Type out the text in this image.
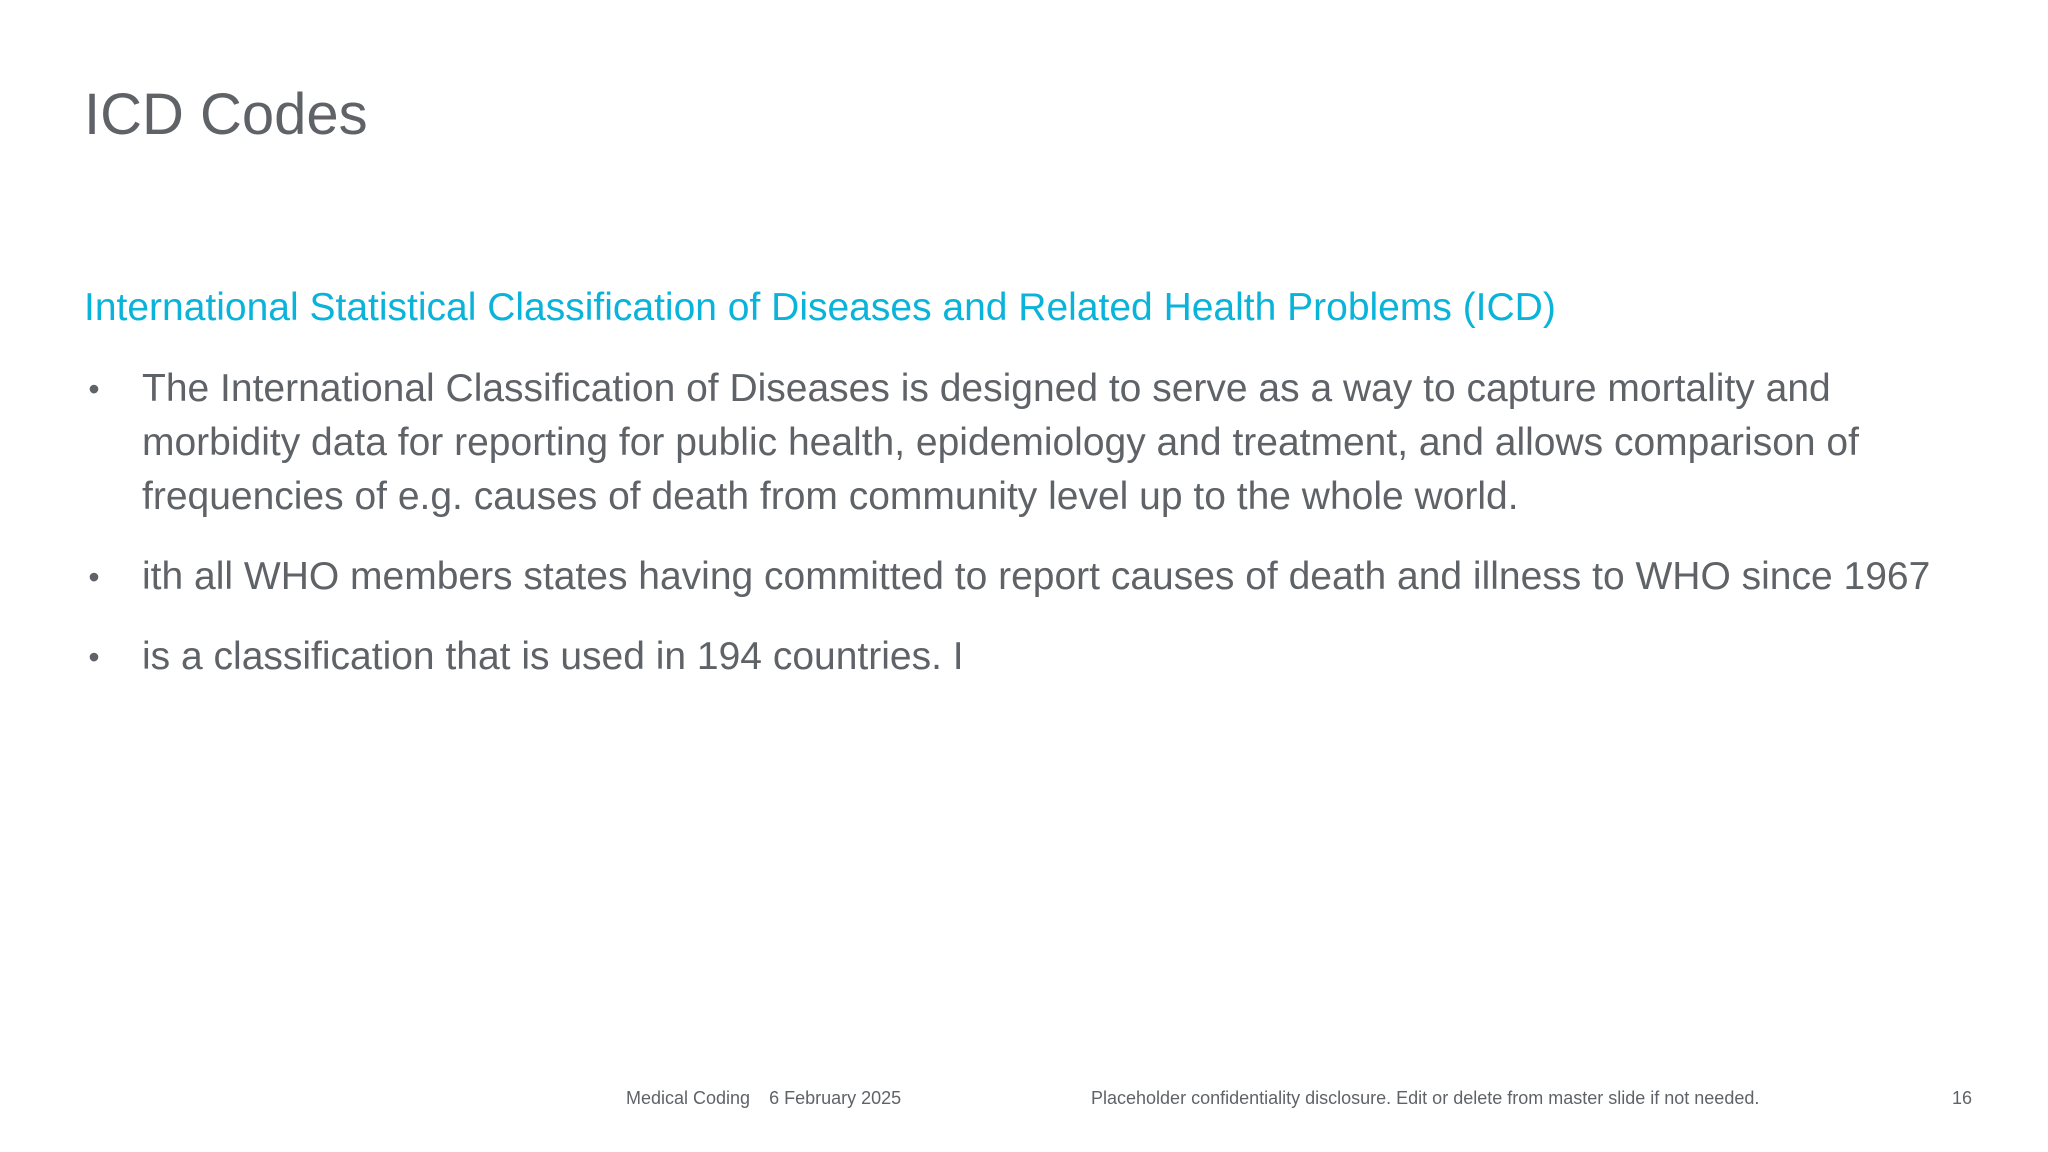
ICD Codes
International Statistical Classification of Diseases and Related Health Problems (ICD)
• The International Classification of Diseases is designed to serve as a way to capture mortality and morbidity data for reporting for public health, epidemiology and treatment, and allows comparison of frequencies of e.g. causes of death from community level up to the whole world.
• ith all WHO members states having committed to report causes of death and illness to WHO since 1967
• is a classification that is used in 194 countries. I
Medical Coding 6 February 2025	Placeholder confidentiality disclosure. Edit or delete from master slide if not needed.	16
